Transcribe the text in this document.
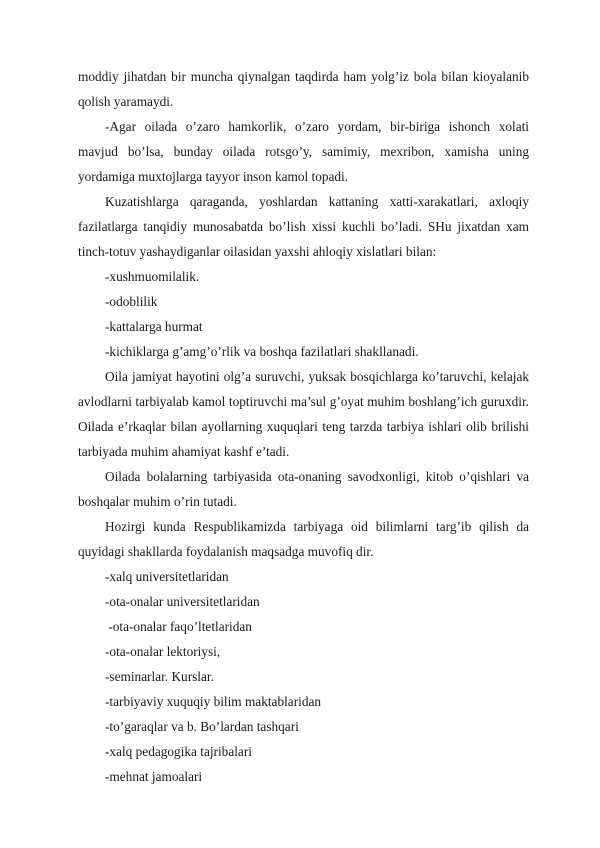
moddiy jihatdan bir muncha qiynalgan taqdirda ham yolg’iz bola bilan kioyalanib qolish yaramaydi.

-Agar oilada o’zaro hamkorlik, o’zaro yordam, bir-biriga ishonch xolati mavjud bo’lsa, bunday oilada rotsgo’y, samimiy, mexribon, xamisha uning yordamiga muxtojlarga tayyor inson kamol topadi.

Kuzatishlarga qaraganda, yoshlardan kattaning xatti-xarakatlari, axloqiy fazilatlarga tanqidiy munosabatda bo’lish xissi kuchli bo’ladi. SHu jixatdan xam tinch-totuv yashaydiganlar oilasidan yaxshi ahloqiy xislatlari bilan:

-xushmuomilalik.

-odoblilik

-kattalarga hurmat

-kichiklarga g’amg’o’rlik va boshqa fazilatlari shakllanadi.

Oila jamiyat hayotini olg’a suruvchi, yuksak bosqichlarga ko’taruvchi, kelajak avlodlarni tarbiyalab kamol toptiruvchi ma’sul g’oyat muhim boshlang’ich guruxdir. Oilada e’rkaqlar bilan ayollarning xuquqlari teng tarzda tarbiya ishlari olib brilishi tarbiyada muhim ahamiyat kashf e’tadi.

Oilada bolalarning tarbiyasida ota-onaning savodxonligi, kitob o’qishlari va boshqalar muhim o’rin tutadi.

Hozirgi kunda Respublikamizda tarbiyaga oid bilimlarni targ’ib qilish da quyidagi shakllarda foydalanish maqsadga muvofiq dir.

-xalq universitetlaridan

-ota-onalar universitetlaridan

-ota-onalar faqo’ltetlaridan

-ota-onalar lektoriysi,

-seminarlar. Kurslar.

-tarbiyaviy xuquqiy bilim maktablaridan

-to’garaqlar va b. Bo’lardan tashqari

-xalq pedagogika tajribalari

-mehnat jamoalari
